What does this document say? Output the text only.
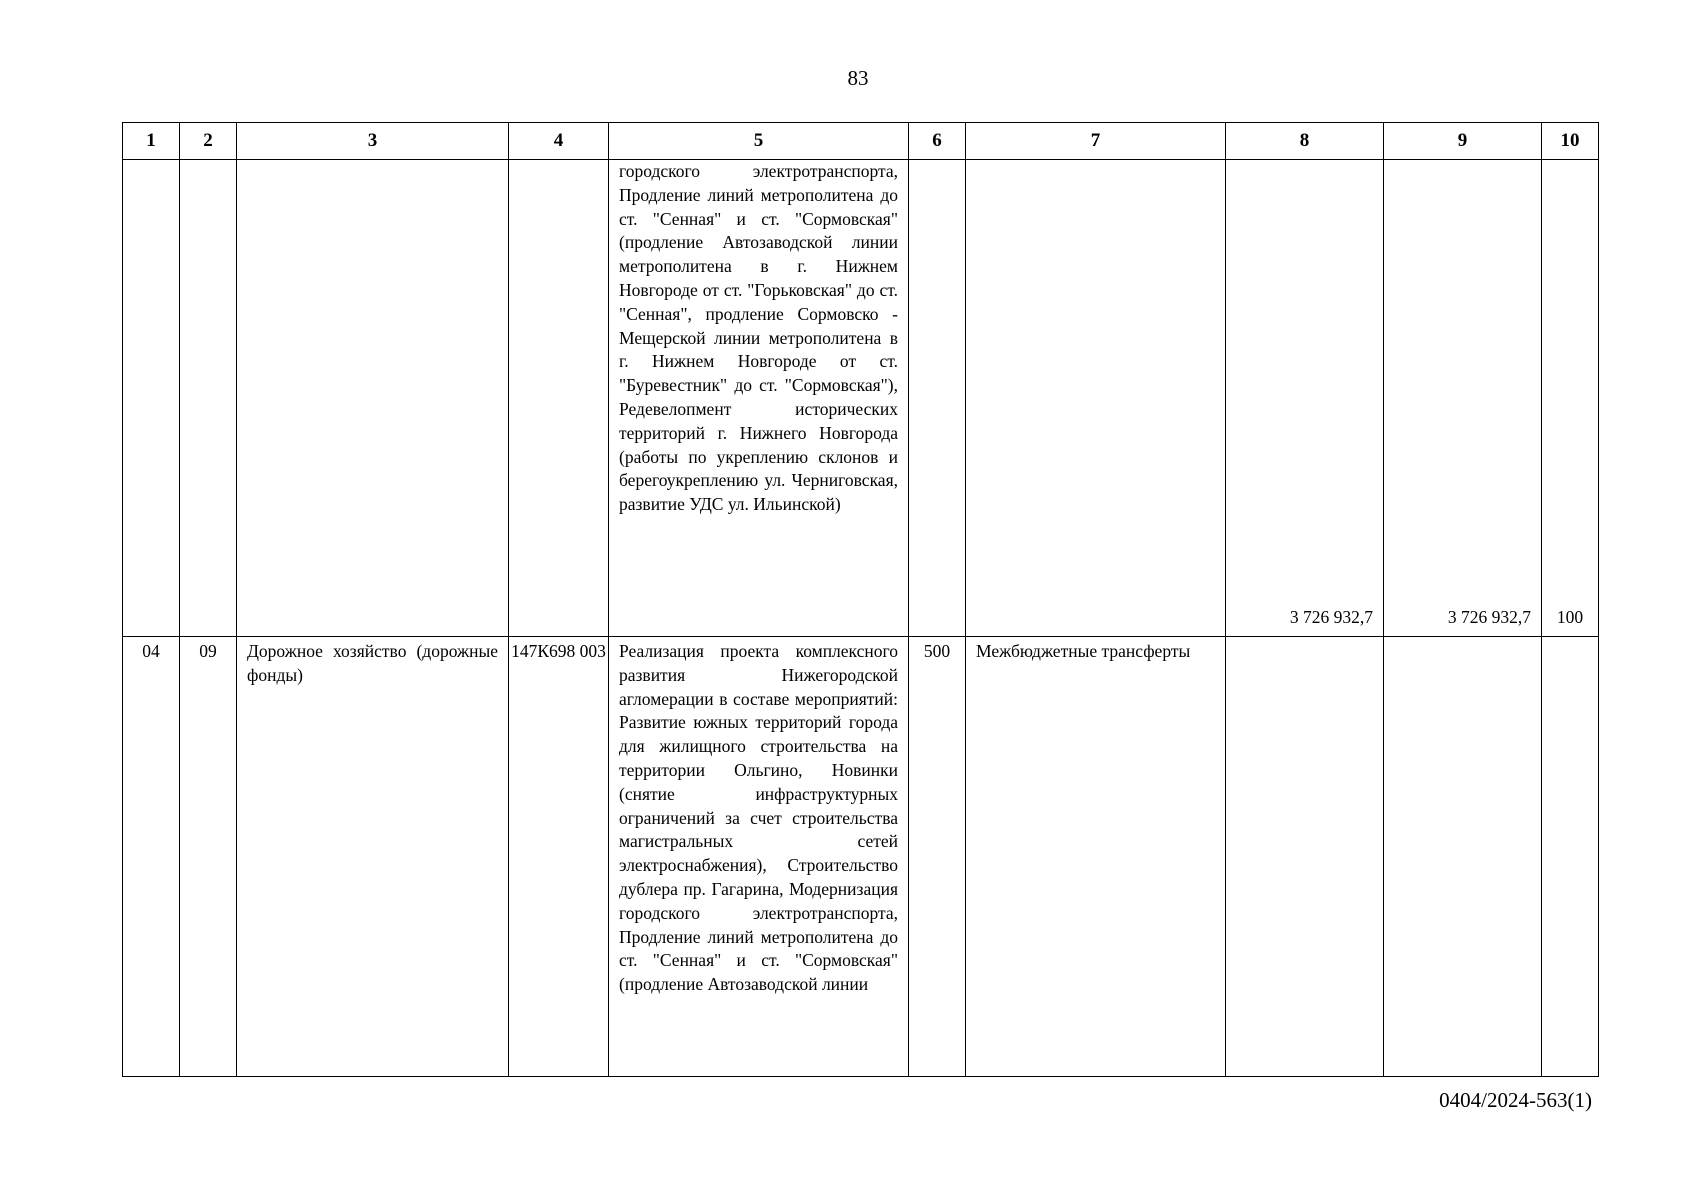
83
1	2	3	4	5	6	7	8	9	10
				городского электротранспорта, Продление линий метрополитена до ст. "Сенная" и ст. "Сормовская" (продление Автозаводской линии метрополитена в г. Нижнем Новгороде от ст. "Горьковская" до ст. "Сенная", продление Сормовско - Мещерской линии метрополитена в г. Нижнем Новгороде от ст. "Буревестник" до ст. "Сормовская"), Редевелопмент исторических территорий г. Нижнего Новгорода (работы по укреплению склонов и берегоукреплению ул. Черниговская, развитие УДС ул. Ильинской)			3 726 932,7	3 726 932,7	100
04	09	Дорожное хозяйство (дорожные фонды)	147К698 003	Реализация проекта комплексного развития Нижегородской агломерации в составе мероприятий: Развитие южных территорий города для жилищного строительства на территории Ольгино, Новинки (снятие инфраструктурных ограничений за счет строительства магистральных сетей электроснабжения), Строительство дублера пр. Гагарина, Модернизация городского электротранспорта, Продление линий метрополитена до ст. "Сенная" и ст. "Сормовская" (продление Автозаводской линии	500	Межбюджетные трансферты			
0404/2024-563(1)
